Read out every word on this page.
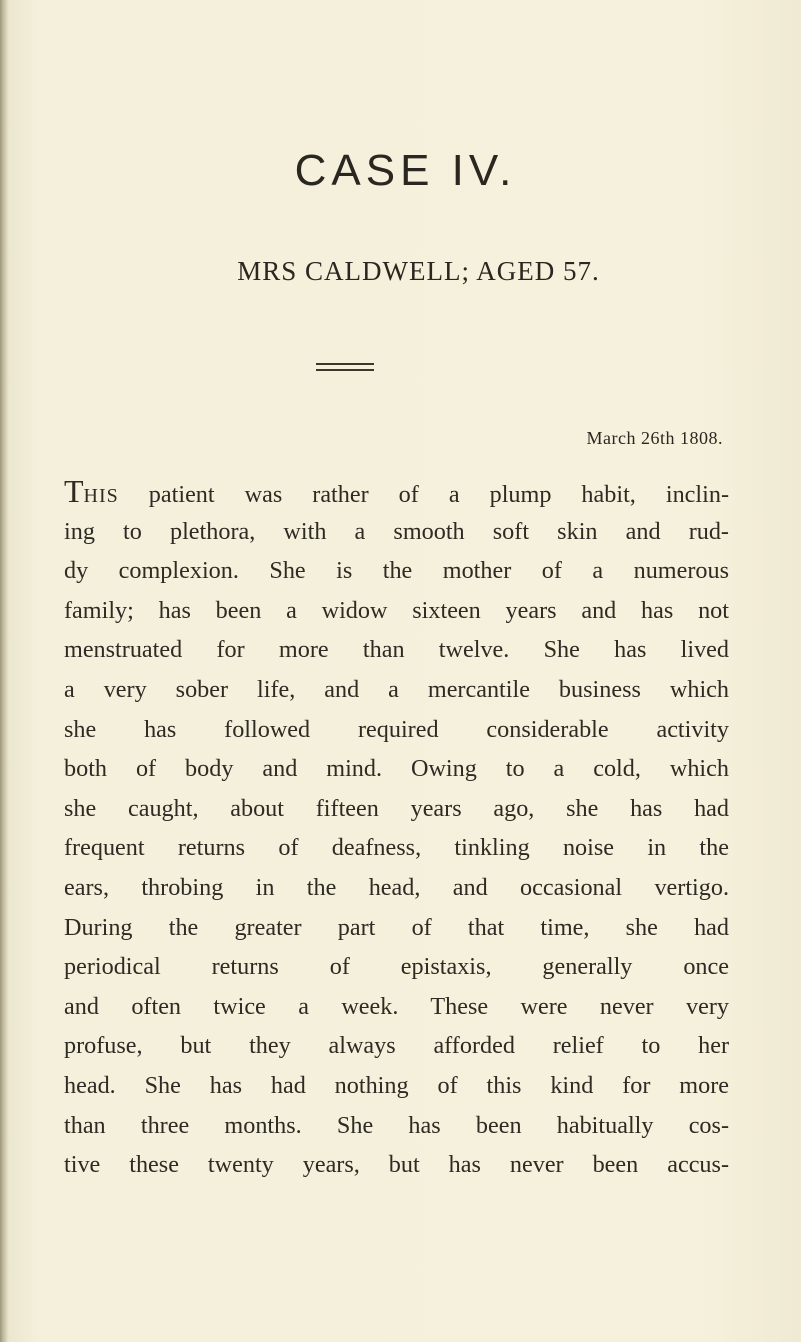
CASE IV.
MRS CALDWELL; AGED 57.
March 26th 1808.
THIS patient was rather of a plump habit, inclin-
ing to plethora, with a smooth soft skin and rud-
dy complexion. She is the mother of a numerous
family; has been a widow sixteen years and has not
menstruated for more than twelve. She has lived
a very sober life, and a mercantile business which
she has followed required considerable activity
both of body and mind. Owing to a cold, which
she caught, about fifteen years ago, she has had
frequent returns of deafness, tinkling noise in the
ears, throbing in the head, and occasional vertigo.
During the greater part of that time, she had
periodical returns of epistaxis, generally once
and often twice a week. These were never very
profuse, but they always afforded relief to her
head. She has had nothing of this kind for more
than three months. She has been habitually cos-
tive these twenty years, but has never been accus-
